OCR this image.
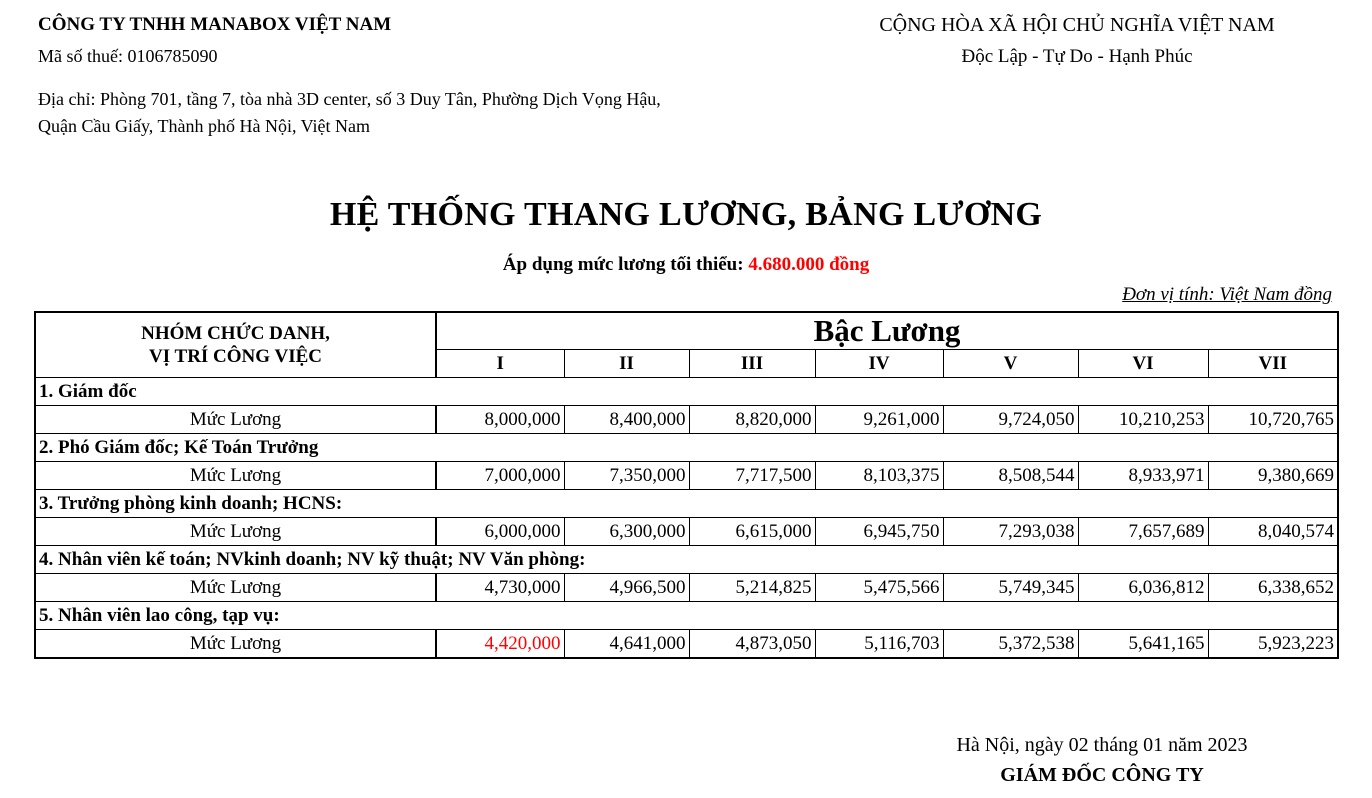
CÔNG TY TNHH MANABOX VIỆT NAM
Mã số thuế: 0106785090
Địa chỉ: Phòng 701, tầng 7, tòa nhà 3D center, số 3 Duy Tân, Phường Dịch Vọng Hậu,
Quận Cầu Giấy, Thành phố Hà Nội, Việt Nam
CỘNG HÒA XÃ HỘI CHỦ NGHĨA VIỆT NAM
Độc Lập - Tự Do - Hạnh Phúc
HỆ THỐNG THANG LƯƠNG, BẢNG LƯƠNG
Áp dụng mức lương tối thiểu: 4.680.000 đồng
Đơn vị tính: Việt Nam đồng
NHÓM CHỨC DANH,
VỊ TRÍ CÔNG VIỆC	Bậc Lương						
	I	II	III	IV	V	VI	VII
1. Giám đốc							
Mức Lương	8,000,000	8,400,000	8,820,000	9,261,000	9,724,050	10,210,253	10,720,765
2. Phó Giám đốc; Kế Toán Trưởng							
Mức Lương	7,000,000	7,350,000	7,717,500	8,103,375	8,508,544	8,933,971	9,380,669
3. Trưởng phòng kinh doanh; HCNS:							
Mức Lương	6,000,000	6,300,000	6,615,000	6,945,750	7,293,038	7,657,689	8,040,574
4. Nhân viên kế toán; NVkinh doanh; NV kỹ thuật; NV Văn phòng:							
Mức Lương	4,730,000	4,966,500	5,214,825	5,475,566	5,749,345	6,036,812	6,338,652
5. Nhân viên lao công, tạp vụ:							
Mức Lương	4,420,000	4,641,000	4,873,050	5,116,703	5,372,538	5,641,165	5,923,223
Hà Nội, ngày 02 tháng 01 năm 2023
GIÁM ĐỐC CÔNG TY
